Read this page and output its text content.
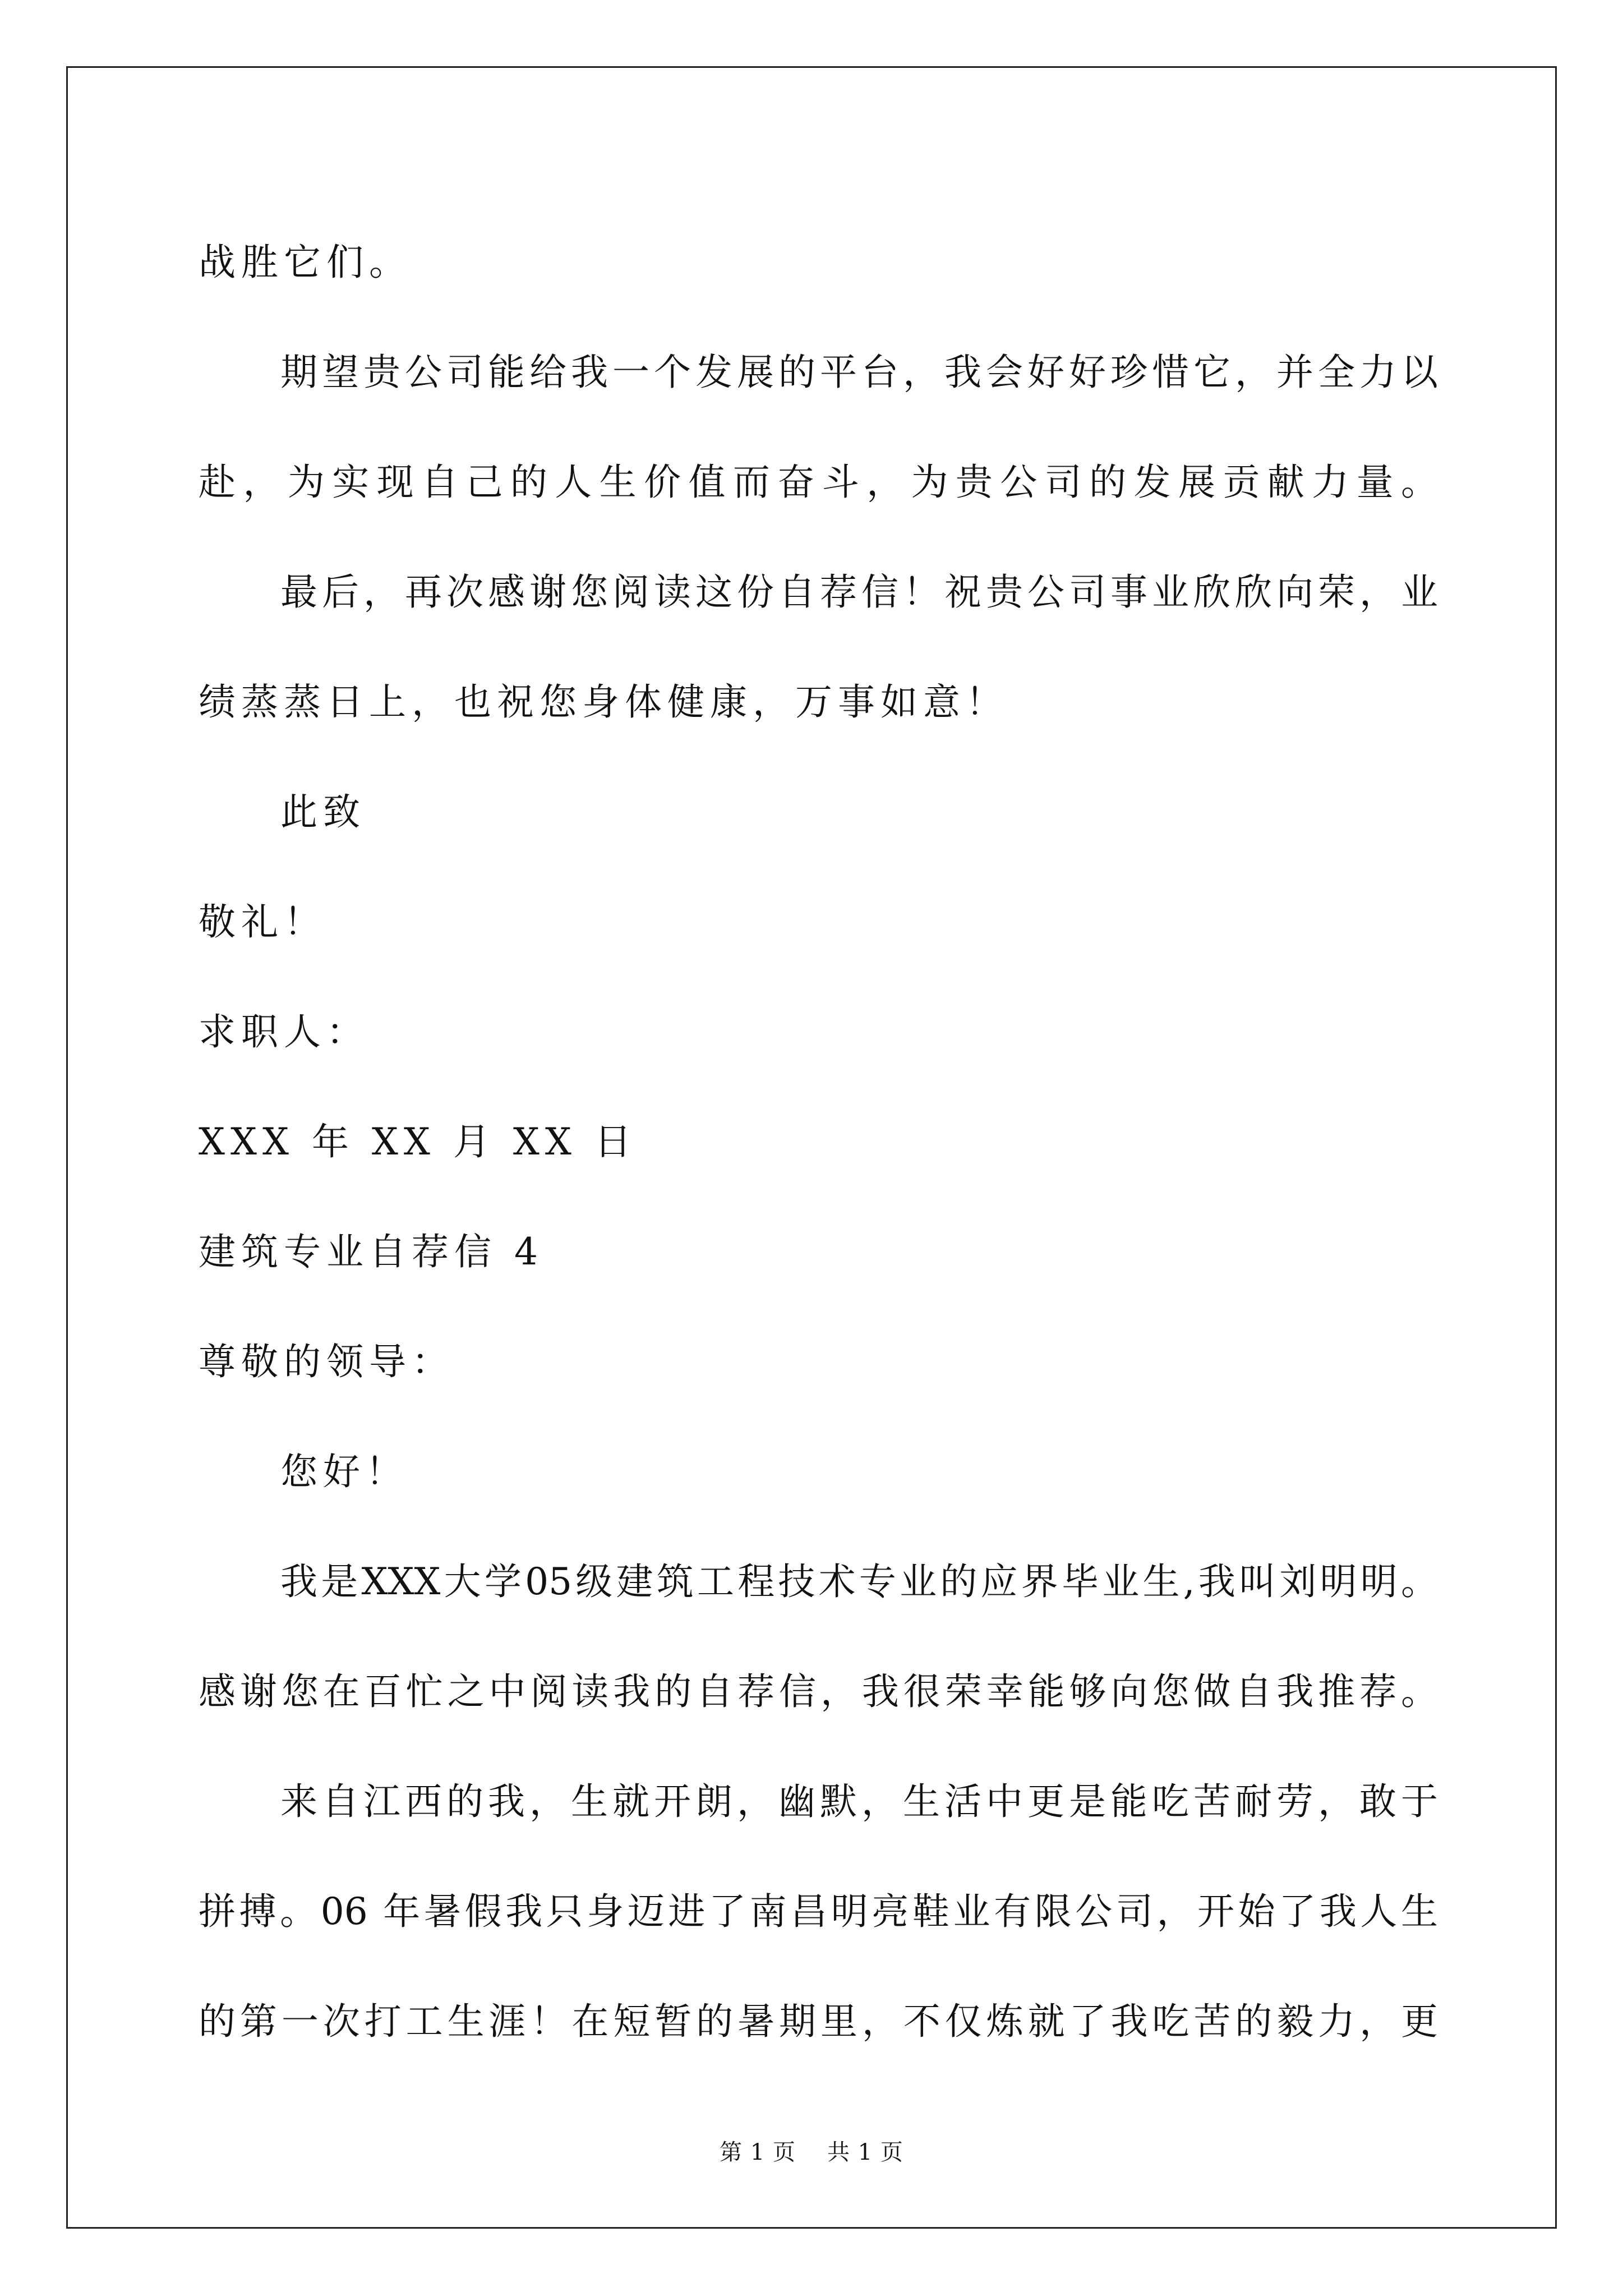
战胜它们。
期望贵公司能给我一个发展的平台，我会好好珍惜它，并全力以
赴，为实现自己的人生价值而奋斗，为贵公司的发展贡献力量。
最后，再次感谢您阅读这份自荐信！祝贵公司事业欣欣向荣，业
绩蒸蒸日上，也祝您身体健康，万事如意！
此致
敬礼！
求职人：
XXX 年 XX 月 XX 日
建筑专业自荐信 4
尊敬的领导：
您好！
我是XXX大学05级建筑工程技术专业的应界毕业生,我叫刘明明。
感谢您在百忙之中阅读我的自荐信，我很荣幸能够向您做自我推荐。
来自江西的我，生就开朗，幽默，生活中更是能吃苦耐劳，敢于
拼搏。06 年暑假我只身迈进了南昌明亮鞋业有限公司，开始了我人生
的第一次打工生涯！在短暂的暑期里，不仅炼就了我吃苦的毅力，更
第 1 页 共 1 页
